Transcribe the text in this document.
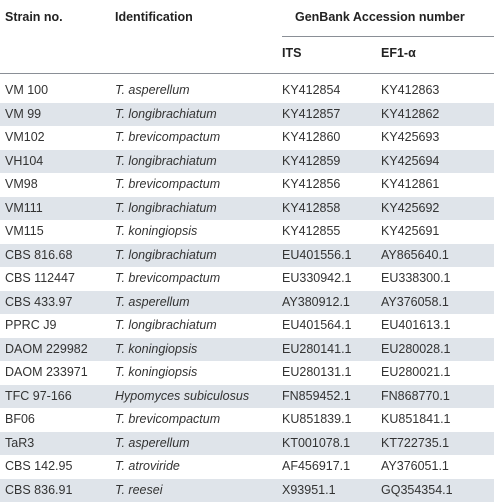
Strain no.	Identification	GenBank Accession number
ITS	EF1-α
VM 100	T. asperellum	KY412854	KY412863
VM 99	T. longibrachiatum	KY412857	KY412862
VM102	T. brevicompactum	KY412860	KY425693
VH104	T. longibrachiatum	KY412859	KY425694
VM98	T. brevicompactum	KY412856	KY412861
VM111	T. longibrachiatum	KY412858	KY425692
VM115	T. koningiopsis	KY412855	KY425691
CBS 816.68	T. longibrachiatum	EU401556.1 AY865640.1
CBS 112447	T. brevicompactum	EU330942.1 EU338300.1
CBS 433.97	T. asperellum	AY380912.1 AY376058.1
PPRC J9	T. longibrachiatum	EU401564.1 EU401613.1
DAOM 229982 T. koningiopsis	EU280141.1 EU280028.1
DAOM 233971 T. koningiopsis	EU280131.1 EU280021.1
TFC 97-166	Hypomyces subiculosus	FN859452.1 FN868770.1
BF06	T. brevicompactum	KU851839.1 KU851841.1
TaR3	T. asperellum	KT001078.1 KT722735.1
CBS 142.95	T. atroviride	AF456917.1 AY376051.1
CBS 836.91	T. reesei	X93951.1	GQ354354.1
